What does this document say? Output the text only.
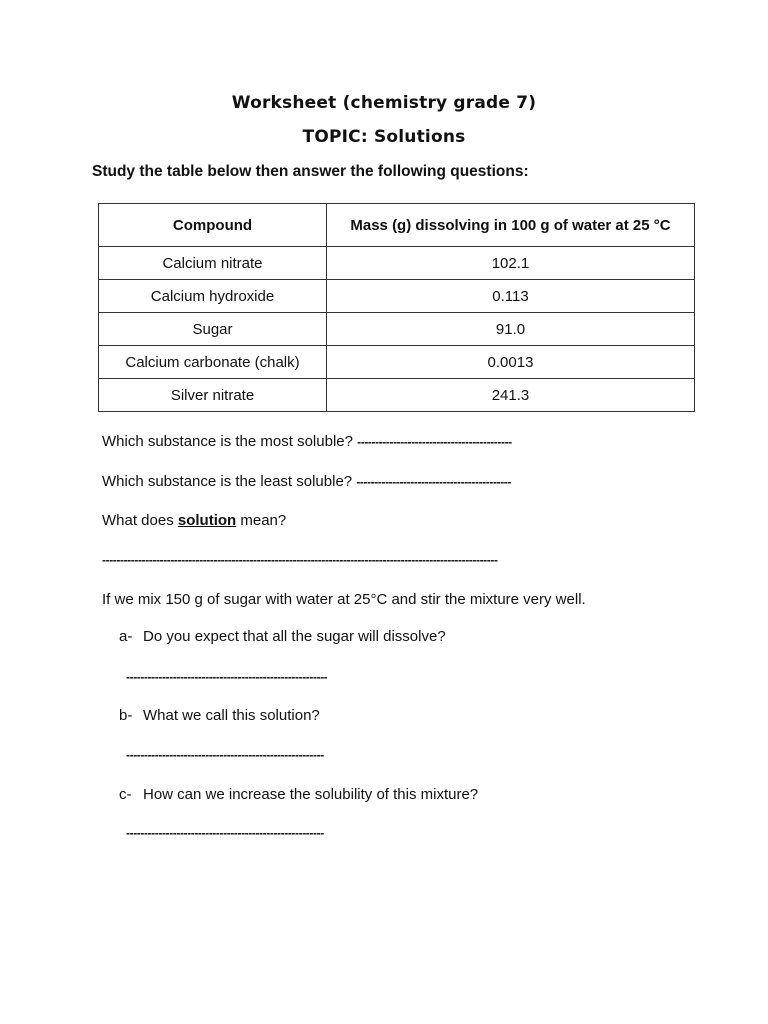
Worksheet (chemistry grade 7)
TOPIC: Solutions
Study the table below then answer the following questions:
Compound	Mass (g) dissolving in 100 g of water at 25 °C
Calcium nitrate	102.1
Calcium hydroxide	0.113
Sugar	91.0
Calcium carbonate (chalk)	0.0013
Silver nitrate	241.3
Which substance is the most soluble? -------------------------------------------
Which substance is the least soluble? -------------------------------------------
What does solution mean?
--------------------------------------------------------------------------------------------------------------
If we mix 150 g of sugar with water at 25°C and stir the mixture very well.
a- Do you expect that all the sugar will dissolve?
--------------------------------------------------------
b- What we call this solution?
-------------------------------------------------------
c- How can we increase the solubility of this mixture?
-------------------------------------------------------
